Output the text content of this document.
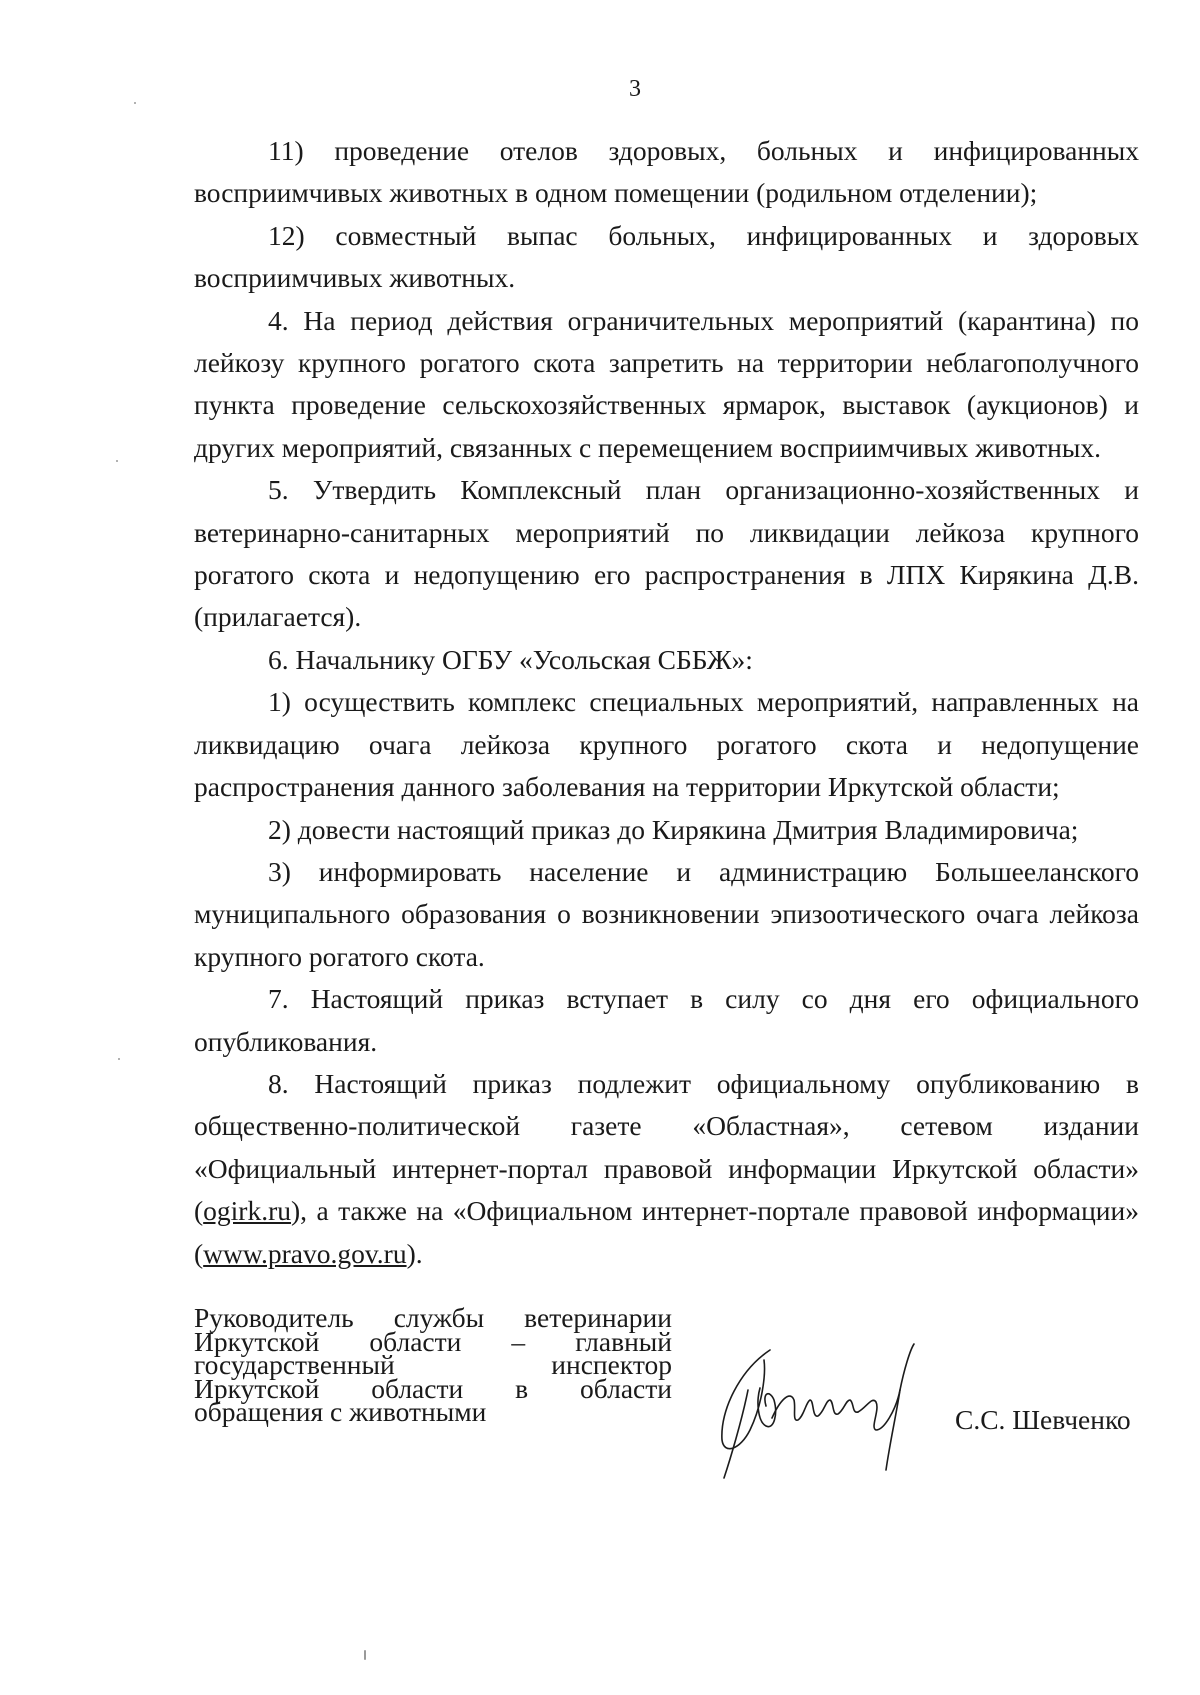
3

11) проведение отелов здоровых, больных и инфицированных восприимчивых животных в одном помещении (родильном отделении);

12) совместный выпас больных, инфицированных и здоровых восприимчивых животных.

4. На период действия ограничительных мероприятий (карантина) по лейкозу крупного рогатого скота запретить на территории неблагополучного пункта проведение сельскохозяйственных ярмарок, выставок (аукционов) и других мероприятий, связанных с перемещением восприимчивых животных.

5. Утвердить Комплексный план организационно-хозяйственных и ветеринарно-санитарных мероприятий по ликвидации лейкоза крупного рогатого скота и недопущению его распространения в ЛПХ Кирякина Д.В. (прилагается).

6. Начальнику ОГБУ «Усольская СББЖ»:

1) осуществить комплекс специальных мероприятий, направленных на ликвидацию очага лейкоза крупного рогатого скота и недопущение распространения данного заболевания на территории Иркутской области;

2) довести настоящий приказ до Кирякина Дмитрия Владимировича;

3) информировать население и администрацию Большееланского муниципального образования о возникновении эпизоотического очага лейкоза крупного рогатого скота.

7. Настоящий приказ вступает в силу со дня его официального опубликования.

8. Настоящий приказ подлежит официальному опубликованию в общественно-политической газете «Областная», сетевом издании «Официальный интернет-портал правовой информации Иркутской области» (ogirk.ru), а также на «Официальном интернет-портале правовой информации» (www.pravo.gov.ru).

Руководитель службы ветеринарии
Иркутской области – главный
государственный инспектор
Иркутской области в области
обращения с животными	С.С. Шевченко
